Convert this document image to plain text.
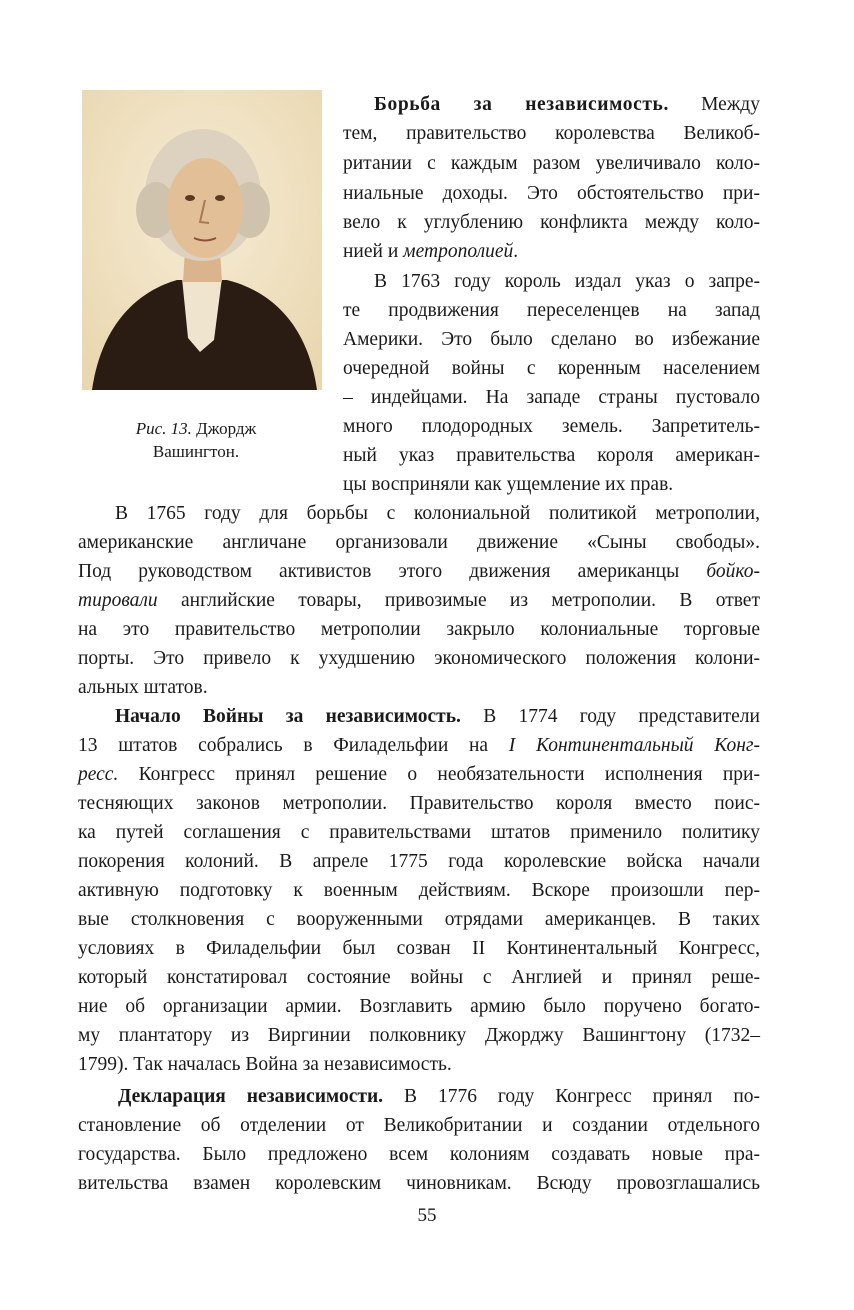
Рис. 13. Джордж
Вашингтон.
Борьба за независимость. Между
тем, правительство королевства Великоб-
ритании с каждым разом увеличивало коло-
ниальные доходы. Это обстоятельство при-
вело к углублению конфликта между коло-
нией и метрополией.
В 1763 году король издал указ о запре-
те продвижения переселенцев на запад
Америки. Это было сделано во избежание
очередной войны с коренным населением
– индейцами. На западе страны пустовало
много плодородных земель. Запретитель-
ный указ правительства короля американ-
цы восприняли как ущемление их прав.
В 1765 году для борьбы с колониальной политикой метрополии,
американские англичане организовали движение «Сыны свободы».
Под руководством активистов этого движения американцы бойко-
тировали английские товары, привозимые из метрополии. В ответ
на это правительство метрополии закрыло колониальные торговые
порты. Это привело к ухудшению экономического положения колони-
альных штатов.
Начало Войны за независимость. В 1774 году представители
13 штатов собрались в Филадельфии на I Континентальный Конг-
ресс. Конгресс принял решение о необязательности исполнения при-
тесняющих законов метрополии. Правительство короля вместо поис-
ка путей соглашения с правительствами штатов применило политику
покорения колоний. В апреле 1775 года королевские войска начали
активную подготовку к военным действиям. Вскоре произошли пер-
вые столкновения с вооруженными отрядами американцев. В таких
условиях в Филадельфии был созван II Континентальный Конгресс,
который констатировал состояние войны с Англией и принял реше-
ние об организации армии. Возглавить армию было поручено богато-
му плантатору из Виргинии полковнику Джорджу Вашингтону (1732–
1799). Так началась Война за независимость.
Декларация независимости. В 1776 году Конгресс принял по-
становление об отделении от Великобритании и создании отдельного
государства. Было предложено всем колониям создавать новые пра-
вительства взамен королевским чиновникам. Всюду провозглашались
55
